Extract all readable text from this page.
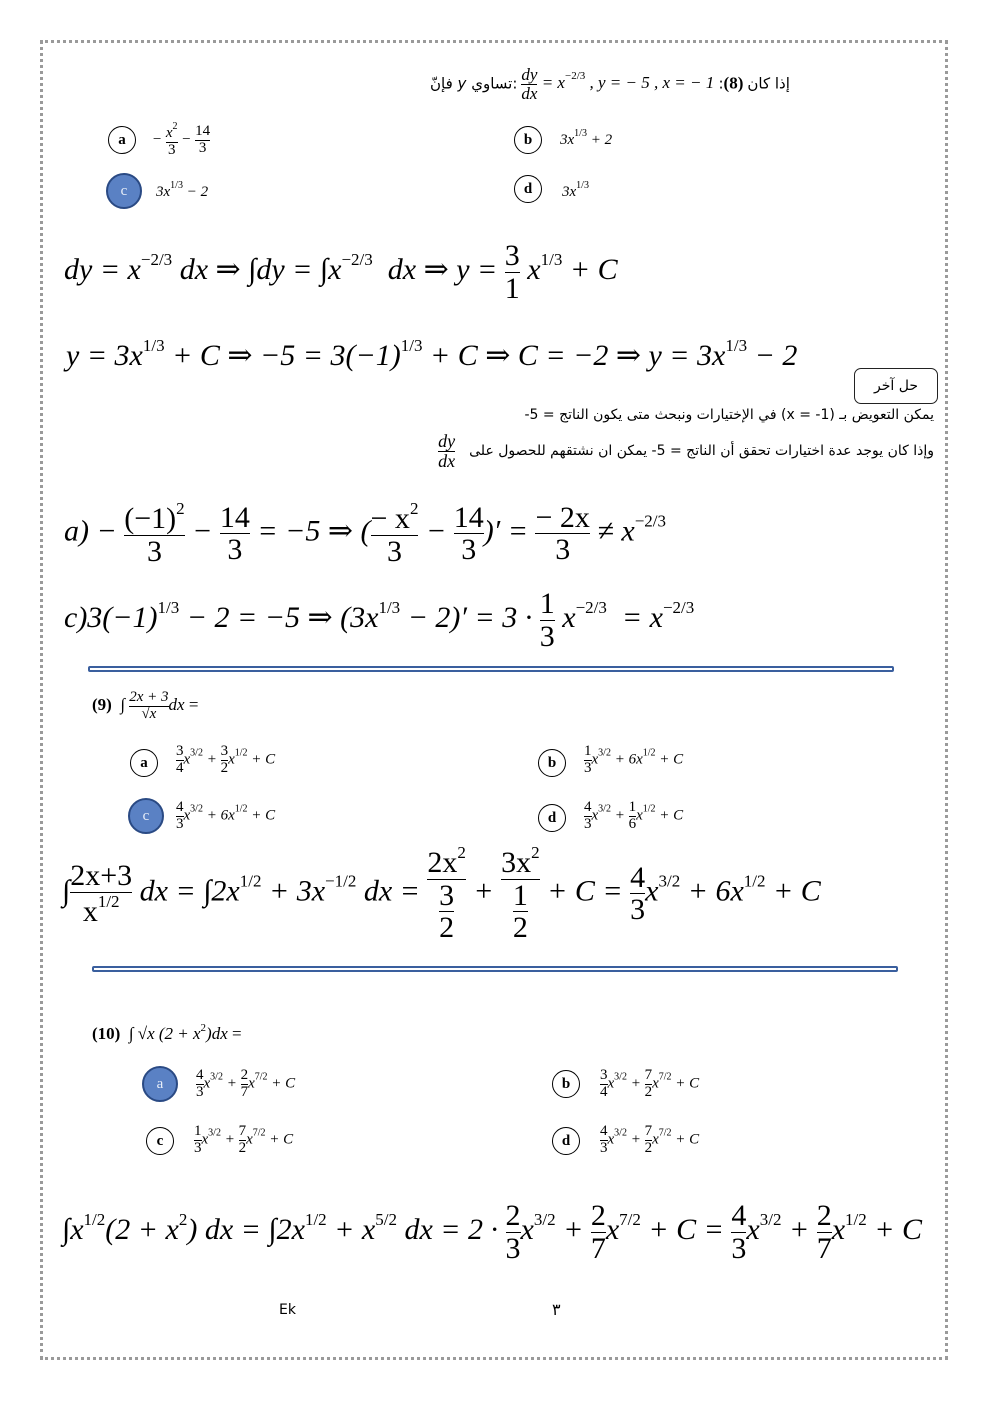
فإنّ y تساوي: $\frac{dy}{dx} = x^{-2/3}$ , y = − 5 , x = − 1 :إذا كان (8)
$a - \frac{x^2}{3} - \frac{14}{3}$	b $3x^{1/3} + 2$
c $3x^{1/3} - 2$	d $3x^{1/3}$
dy = $x^{-2/3}$ dx ⇒ $\int dy = \int x^{-2/3}$  dx ⇒ $y = \frac{3}{1} x^{1/3} + C$
$y = 3x^{1/3} + C$ ⇒ $-5 = 3(-1)^{1/3} + C$ ⇒ C = −2 ⇒ $y = 3x^{1/3} - 2$
حل آخر
يمكن التعويض بـ (1- = x) في الإختيارات ونبحث متى يكون الناتج = 5-
وإذا كان يوجد عدة اختيارات تحقق أن الناتج = 5- يمكن ان نشتقهم للحصول على
$\frac{dy}{dx}$
$a) - \frac{(-1)^2}{3} - \frac{14}{3} = -5$ ⇒ ( $\frac{- x^2}{3} - \frac{14}{3}$ )′ = $\frac{- 2x}{3} \ne x^{-2/3}$
$c)3(-1)^{1/3} - 2 = -5$ ⇒ $(3x^{1/3} - 2)' = 3 \cdot \frac{1}{3} x^{-2/3} = x^{-2/3}$
(9) ∫ $\frac{2x + 3}{√x}$ dx =
a $\frac{3}{4} x^{3/2} + \frac{3}{2} x^{1/2} + C$	b $\frac{1}{3} x^{3/2} + 6x^{1/2} + C$
c $\frac{4}{3} x^{3/2} + 6x^{1/2} + C$	d $\frac{4}{3} x^{3/2} + \frac{1}{6} x^{1/2} + C$
∫ $\frac{2x+3}{x^{1/2}}$ dx = $\int 2x^{1/2} + 3x^{-1/2}$ dx = $\frac{2x^2}{\frac{3}{2}} + \frac{3x^2}{\frac{1}{2}} + C = \frac{4}{3} x^{3/2} + 6x^{1/2} + C$
(10) ∫ √x $(2 + x^2)dx$ =
a $\frac{4}{3} x^{3/2} + \frac{2}{7} x^{7/2} + C$	b $\frac{3}{4} x^{3/2} + \frac{7}{2} x^{7/2} + C$
c $\frac{1}{3} x^{3/2} + \frac{7}{2} x^{7/2} + C$	d $\frac{4}{3} x^{3/2} + \frac{7}{2} x^{7/2} + C$
$\int x^{1/2}(2 + x^2)$ dx = $\int 2x^{1/2} + x^{5/2}$ dx = $2 \cdot \frac{2}{3} x^{3/2} + \frac{2}{7} x^{7/2} + C = \frac{4}{3} x^{3/2} + \frac{2}{7} x^{1/2} + C$
Ek	٣
